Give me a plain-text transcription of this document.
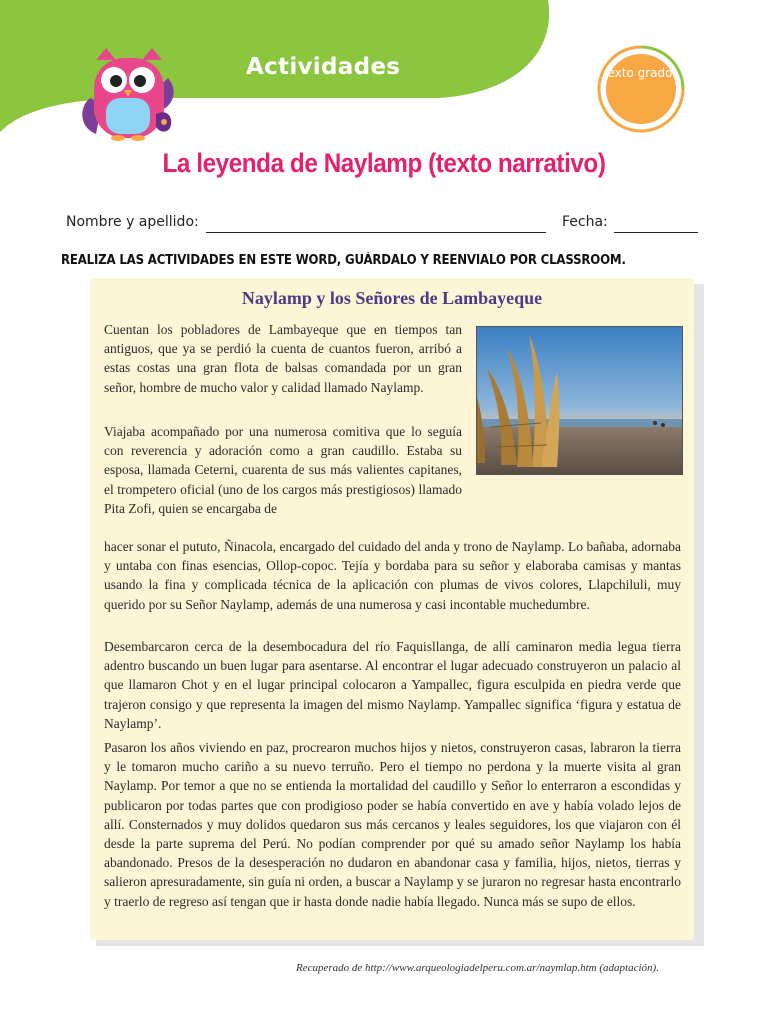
Actividades	exto grado
La leyenda de Naylamp (texto narrativo)
Nombre y apellido:	Fecha:
REALIZA LAS ACTIVIDADES EN ESTE WORD, GUÁRDALO Y REENVIALO POR CLASSROOM.
Naylamp y los Señores de Lambayeque

Cuentan los pobladores de Lambayeque que en tiempos tan antiguos, que ya se perdió la cuenta de cuantos fueron, arribó a estas costas una gran flota de balsas comandada por un gran señor, hombre de mucho valor y calidad llamado Naylamp.

Viajaba acompañado por una numerosa comitiva que lo seguía con reverencia y adoración como a gran caudillo. Estaba su esposa, llamada Ceterni, cuarenta de sus más valientes capitanes, el trompetero oficial (uno de los cargos más prestigiosos) llamado Pita Zofi, quien se encargaba de

hacer sonar el pututo, Ñinacola, encargado del cuidado del anda y trono de Naylamp. Lo bañaba, adornaba y untaba con finas esencias, Ollop-copoc. Tejía y bordaba para su señor y elaboraba camisas y mantas usando la fina y complicada técnica de la aplicación con plumas de vivos colores, Llapchiluli, muy querido por su Señor Naylamp, además de una numerosa y casi incontable muchedumbre.

Desembarcaron cerca de la desembocadura del río Faquisllanga, de allí caminaron media legua tierra adentro buscando un buen lugar para asentarse. Al encontrar el lugar adecuado construyeron un palacio al que llamaron Chot y en el lugar principal colocaron a Yampallec, figura esculpida en piedra verde que trajeron consigo y que representa la imagen del mismo Naylamp. Yampallec significa ‘figura y estatua de Naylamp’.

Pasaron los años viviendo en paz, procrearon muchos hijos y nietos, construyeron casas, labraron la tierra y le tomaron mucho cariño a su nuevo terruño. Pero el tiempo no perdona y la muerte visita al gran Naylamp. Por temor a que no se entienda la mortalidad del caudillo y Señor lo enterraron a escondidas y publicaron por todas partes que con prodigioso poder se había convertido en ave y había volado lejos de allí. Consternados y muy dolidos quedaron sus más cercanos y leales seguidores, los que viajaron con él desde la parte suprema del Perú. No podían comprender por qué su amado señor Naylamp los había abandonado. Presos de la desesperación no dudaron en abandonar casa y familia, hijos, nietos, tierras y salieron apresuradamente, sin guía ni orden, a buscar a Naylamp y se juraron no regresar hasta encontrarlo y traerlo de regreso así tengan que ir hasta donde nadie había llegado. Nunca más se supo de ellos.

Recuperado de http://www.arqueologiadelperu.com.ar/naymlap.htm (adaptación).
